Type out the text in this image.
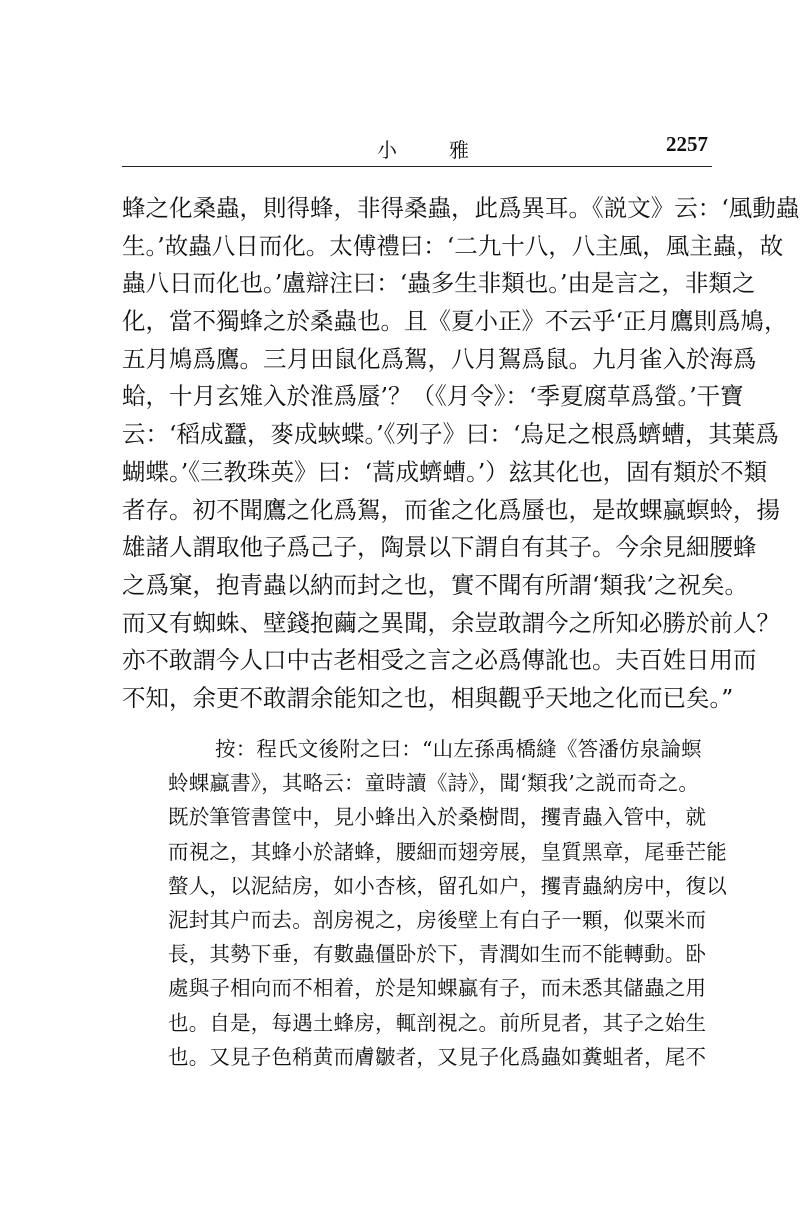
小雅	2257
蜂之化桑蟲，則得蜂，非得桑蟲，此爲異耳。《説文》云：‘風動蟲
生。’故蟲八日而化。太傅禮曰：‘二九十八，八主風，風主蟲，故
蟲八日而化也。’盧辯注曰：‘蟲多生非類也。’由是言之，非類之
化，當不獨蜂之於桑蟲也。且《夏小正》不云乎‘正月鷹則爲鳩，
五月鳩爲鷹。三月田鼠化爲鴽，八月鴽爲鼠。九月雀入於海爲
蛤，十月玄雉入於淮爲蜃’？（《月令》：‘季夏腐草爲螢。’干寶
云：‘稻成蠶，麥成蛺蝶。’《列子》曰：‘烏足之根爲蠐螬，其葉爲
蝴蝶。’《三教珠英》曰：‘蒿成蠐螬。’）玆其化也，固有類於不類
者存。初不聞鷹之化爲鴽，而雀之化爲蜃也，是故蜾蠃螟蛉，揚
雄諸人謂取他子爲己子，陶景以下謂自有其子。今余見細腰蜂
之爲窠，抱青蟲以納而封之也，實不聞有所謂‘類我’之祝矣。
而又有蜘蛛、壁錢抱繭之異聞，余豈敢謂今之所知必勝於前人？
亦不敢謂今人口中古老相受之言之必爲傳訛也。夫百姓日用而
不知，余更不敢謂余能知之也，相與觀乎天地之化而已矣。”
按：程氏文後附之曰：“山左孫禹橋縫《答潘仿泉論螟
蛉蜾蠃書》，其略云：童時讀《詩》，聞‘類我’之説而奇之。
既於筆管書筐中，見小蜂出入於桑樹間，攫青蟲入管中，就
而視之，其蜂小於諸蜂，腰細而翅旁展，皇質黑章，尾垂芒能
螫人，以泥結房，如小杏核，留孔如户，攫青蟲納房中，復以
泥封其户而去。剖房視之，房後壁上有白子一顆，似粟米而
長，其勢下垂，有數蟲僵卧於下，青潤如生而不能轉動。卧
處與子相向而不相着，於是知蜾蠃有子，而未悉其儲蟲之用
也。自是，每遇土蜂房，輒剖視之。前所見者，其子之始生
也。又見子色稍黄而膚皺者，又見子化爲蟲如糞蛆者，尾不
